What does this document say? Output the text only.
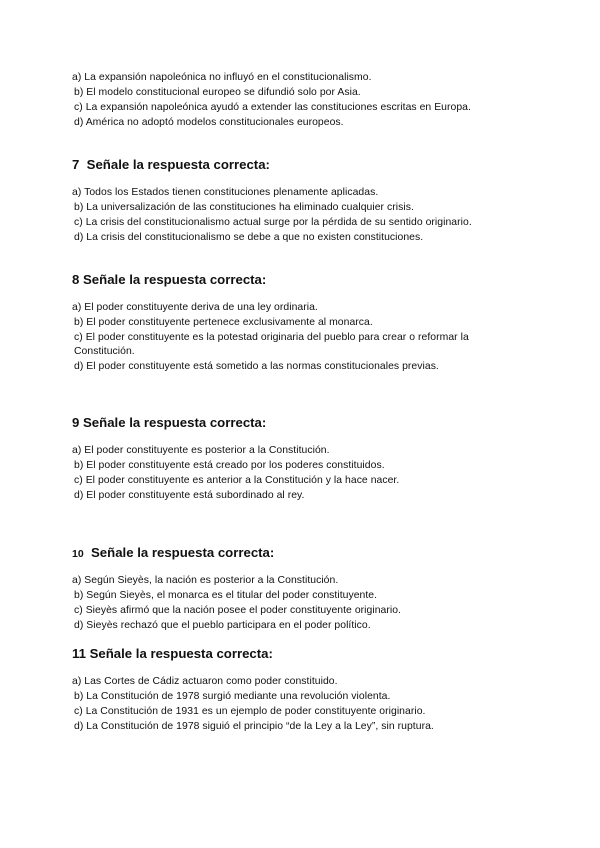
a) La expansión napoleónica no influyó en el constitucionalismo.
b) El modelo constitucional europeo se difundió solo por Asia.
c) La expansión napoleónica ayudó a extender las constituciones escritas en Europa.
d) América no adoptó modelos constitucionales europeos.
7 Señale la respuesta correcta:
a) Todos los Estados tienen constituciones plenamente aplicadas.
b) La universalización de las constituciones ha eliminado cualquier crisis.
c) La crisis del constitucionalismo actual surge por la pérdida de su sentido originario.
d) La crisis del constitucionalismo se debe a que no existen constituciones.
8 Señale la respuesta correcta:
a) El poder constituyente deriva de una ley ordinaria.
b) El poder constituyente pertenece exclusivamente al monarca.
c) El poder constituyente es la potestad originaria del pueblo para crear o reformar la Constitución.
d) El poder constituyente está sometido a las normas constitucionales previas.
9 Señale la respuesta correcta:
a) El poder constituyente es posterior a la Constitución.
b) El poder constituyente está creado por los poderes constituidos.
c) El poder constituyente es anterior a la Constitución y la hace nacer.
d) El poder constituyente está subordinado al rey.
10 Señale la respuesta correcta:
a) Según Sieyès, la nación es posterior a la Constitución.
b) Según Sieyès, el monarca es el titular del poder constituyente.
c) Sieyès afirmó que la nación posee el poder constituyente originario.
d) Sieyès rechazó que el pueblo participara en el poder político.
11 Señale la respuesta correcta:
a) Las Cortes de Cádiz actuaron como poder constituido.
b) La Constitución de 1978 surgió mediante una revolución violenta.
c) La Constitución de 1931 es un ejemplo de poder constituyente originario.
d) La Constitución de 1978 siguió el principio “de la Ley a la Ley”, sin ruptura.
